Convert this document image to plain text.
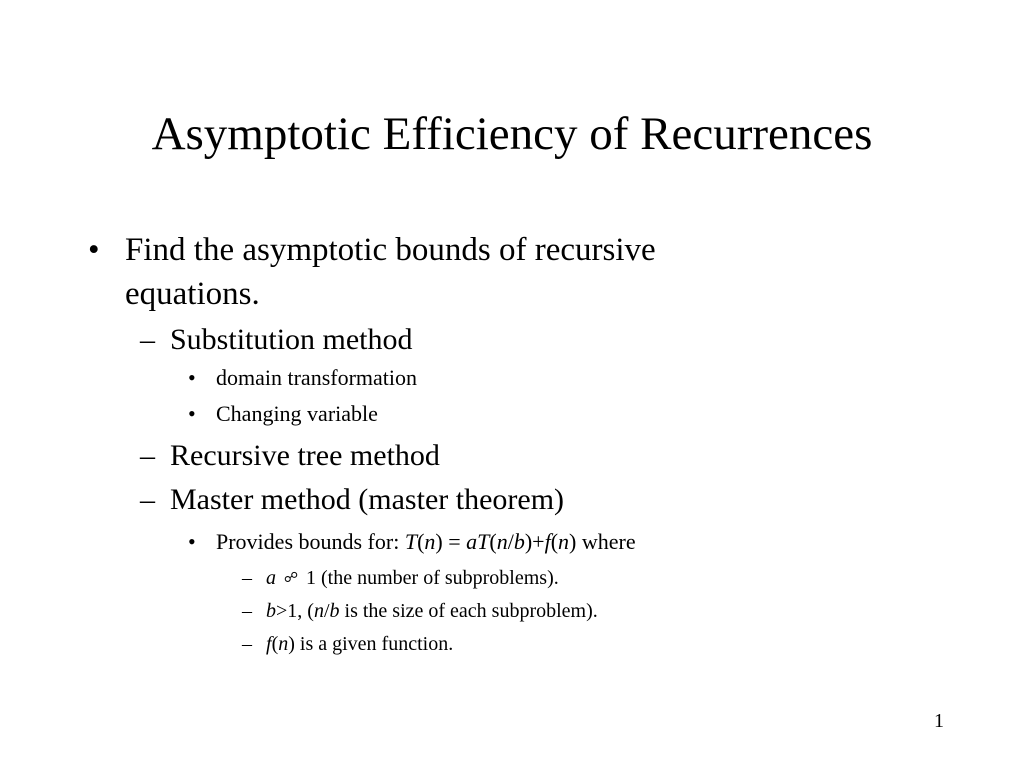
Asymptotic Efficiency of Recurrences
• Find the asymptotic bounds of recursive
equations.
– Substitution method
• domain transformation
• Changing variable
– Recursive tree method
– Master method (master theorem)
• Provides bounds for: T(n) = aT(n/b)+f(n) where
– a ☍ 1 (the number of subproblems).
– b>1, (n/b is the size of each subproblem).
– f(n) is a given function.
1
